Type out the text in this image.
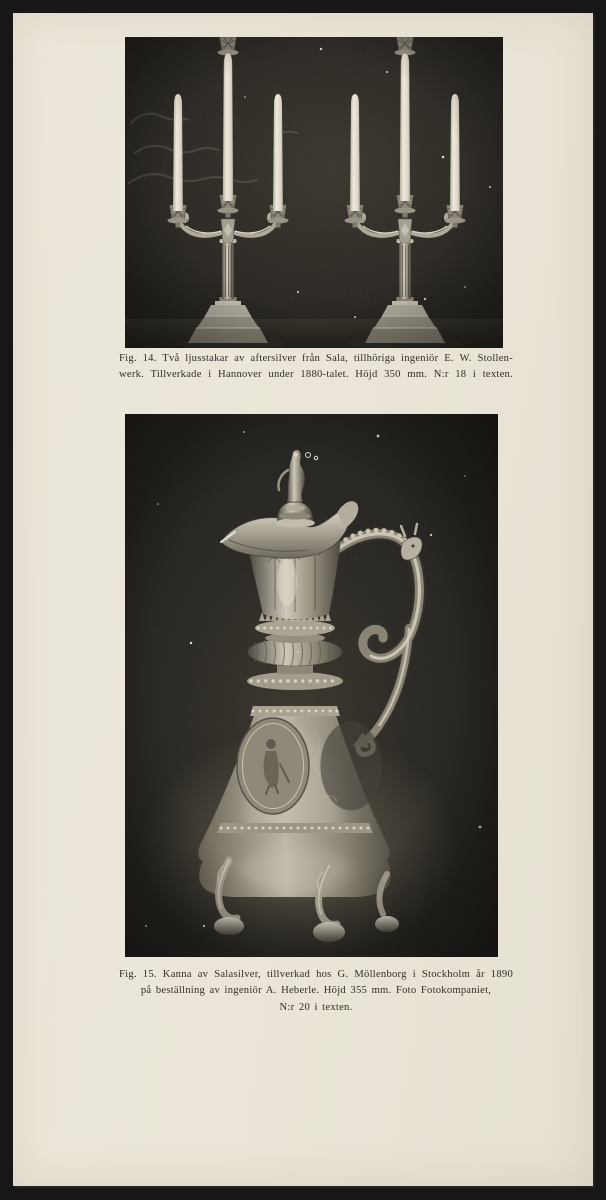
Fig. 14. Två ljusstakar av aftersilver från Sala, tillhöriga ingeniör E. W. Stollen-
werk. Tillverkade i Hannover under 1880-talet. Höjd 350 mm. N:r 18 i texten.
Fig. 15. Kanna av Salasilver, tillverkad hos G. Möllenborg i Stockholm år 1890
på beställning av ingeniör A. Heberle. Höjd 355 mm. Foto Fotokompaniet,
N:r 20 i texten.
